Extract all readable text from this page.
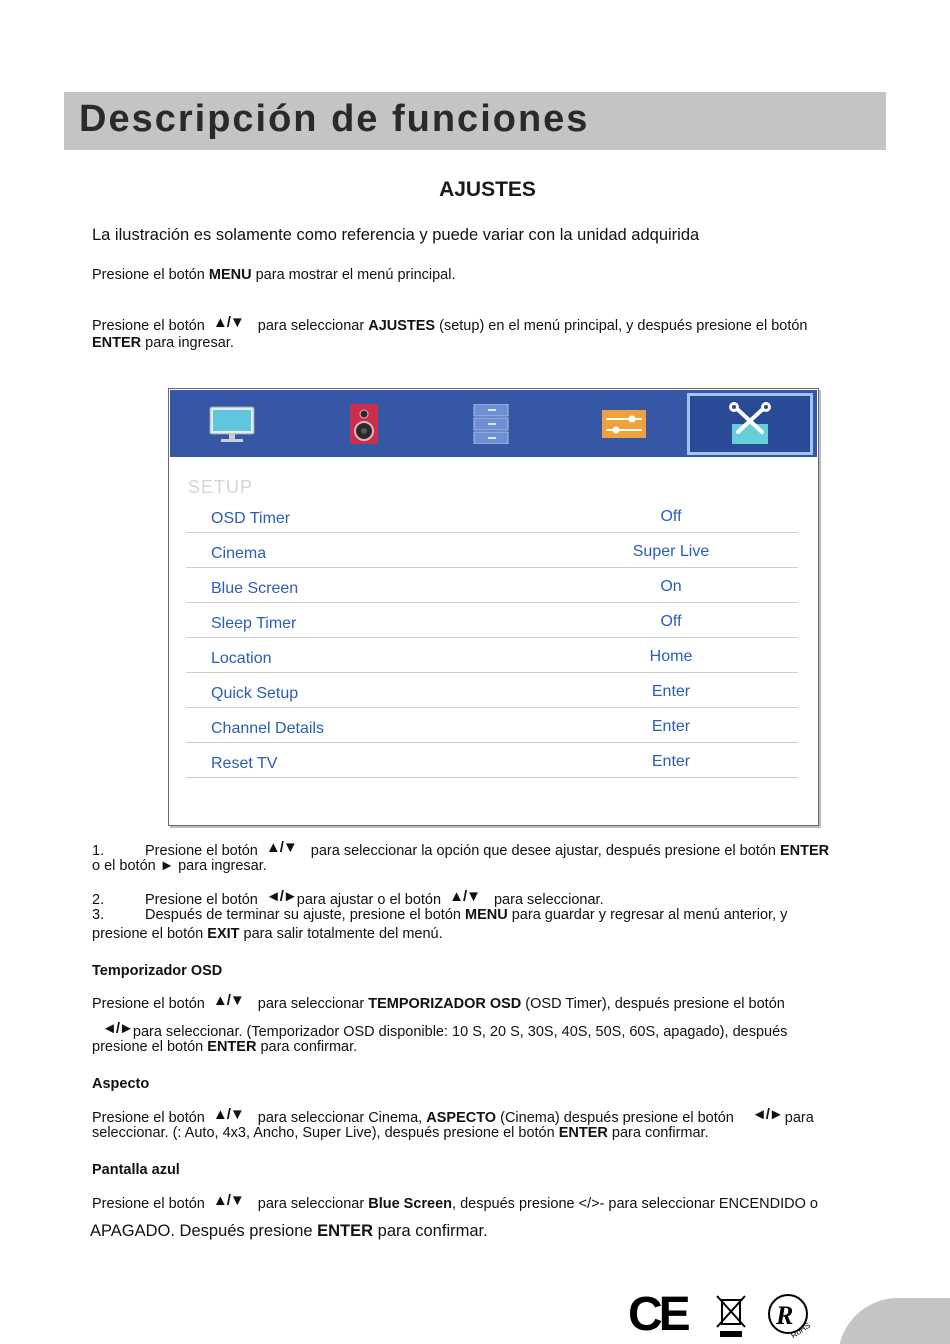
Descripción de funciones
AJUSTES
La ilustración es solamente como referencia y puede variar con la unidad adquirida
Presione el botón MENU para mostrar el menú principal.
Presione el botón ▲/▼ para seleccionar AJUSTES (setup) en el menú principal, y después presione el botón
ENTER para ingresar.
SETUP
OSD Timer	Off
Cinema	Super Live
Blue Screen	On
Sleep Timer	Off
Location	Home
Quick Setup	Enter
Channel Details	Enter
Reset TV	Enter
1.	Presione el botón ▲/▼ para seleccionar la opción que desee ajustar, después presione el botón ENTER
o el botón ► para ingresar.
2.	Presione el botón ◄/►para ajustar o el botón ▲/▼ para seleccionar.
3.	Después de terminar su ajuste, presione el botón MENU para guardar y regresar al menú anterior, y
presione el botón EXIT para salir totalmente del menú.
Temporizador OSD
Presione el botón ▲/▼ para seleccionar TEMPORIZADOR OSD (OSD Timer), después presione el botón
◄/►para seleccionar. (Temporizador OSD disponible: 10 S, 20 S, 30S, 40S, 50S, 60S, apagado), después
presione el botón ENTER para confirmar.
Aspecto
Presione el botón ▲/▼ para seleccionar Cinema, ASPECTO (Cinema) después presione el botón ◄/► para
seleccionar. (: Auto, 4x3, Ancho, Super Live), después presione el botón ENTER para confirmar.
Pantalla azul
Presione el botón ▲/▼ para seleccionar Blue Screen, después presione </>- para seleccionar ENCENDIDO o
APAGADO. Después presione ENTER para confirmar.
CE	R
RoHS
